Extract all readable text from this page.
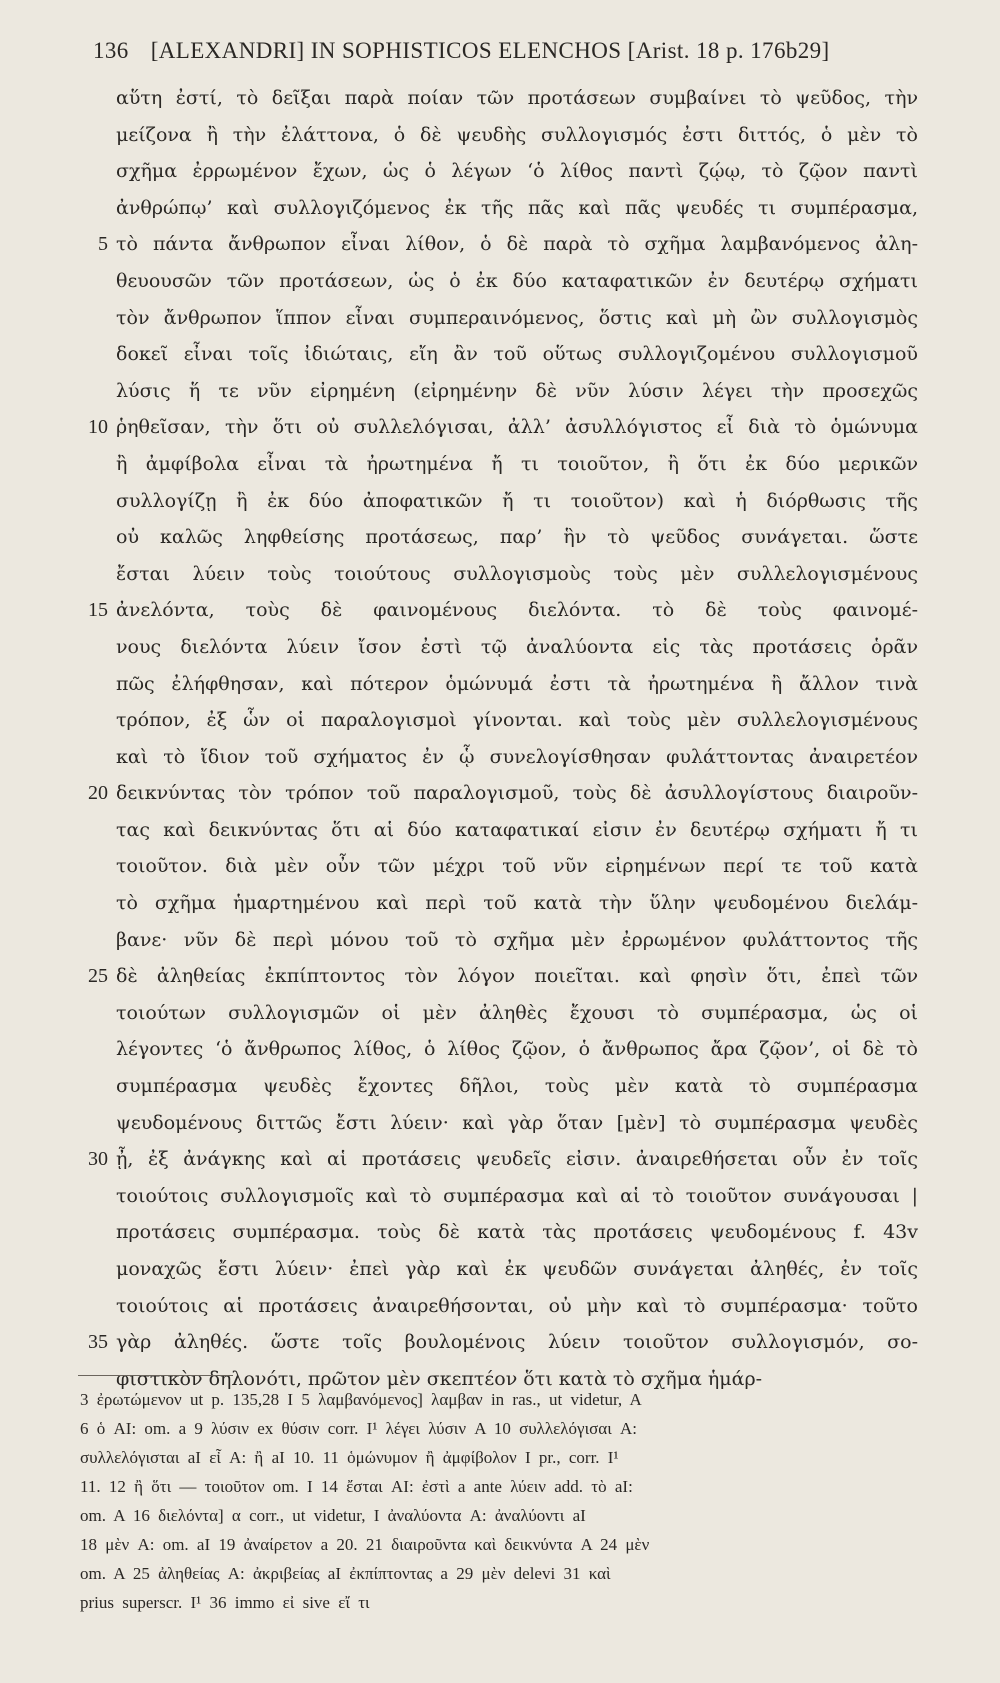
136 [ALEXANDRI] IN SOPHISTICOS ELENCHOS [Arist. 18 p. 176b29]
αὕτη ἐστί, τὸ δεῖξαι παρὰ ποίαν τῶν προτάσεων συμβαίνει τὸ ψεῦδος, τὴν
μείζονα ἢ τὴν ἐλάττονα, ὁ δὲ ψευδὴς συλλογισμός ἐστι διττός, ὁ μὲν τὸ
σχῆμα ἐρρωμένον ἔχων, ὡς ὁ λέγων ‘ὁ λίθος παντὶ ζῴῳ, τὸ ζῷον παντὶ
ἀνθρώπῳ’ καὶ συλλογιζόμενος ἐκ τῆς πᾶς καὶ πᾶς ψευδές τι συμπέρασμα,
5 τὸ πάντα ἄνθρωπον εἶναι λίθον, ὁ δὲ παρὰ τὸ σχῆμα λαμβανόμενος ἀλη-
θευουσῶν τῶν προτάσεων, ὡς ὁ ἐκ δύο καταφατικῶν ἐν δευτέρῳ σχήματι
τὸν ἄνθρωπον ἵππον εἶναι συμπεραινόμενος, ὅστις καὶ μὴ ὢν συλλογισμὸς
δοκεῖ εἶναι τοῖς ἰδιώταις, εἴη ἂν τοῦ οὕτως συλλογιζομένου συλλογισμοῦ
λύσις ἥ τε νῦν εἰρημένη (εἰρημένην δὲ νῦν λύσιν λέγει τὴν προσεχῶς
10 ῥηθεῖσαν, τὴν ὅτι οὐ συλλελόγισαι, ἀλλ’ ἀσυλλόγιστος εἶ διὰ τὸ ὁμώνυμα
ἢ ἀμφίβολα εἶναι τὰ ἠρωτημένα ἤ τι τοιοῦτον, ἢ ὅτι ἐκ δύο μερικῶν
συλλογίζῃ ἢ ἐκ δύο ἀποφατικῶν ἤ τι τοιοῦτον) καὶ ἡ διόρθωσις τῆς
οὐ καλῶς ληφθείσης προτάσεως, παρ’ ἣν τὸ ψεῦδος συνάγεται. ὥστε
ἔσται λύειν τοὺς τοιούτους συλλογισμοὺς τοὺς μὲν συλλελογισμένους
15 ἀνελόντα, τοὺς δὲ φαινομένους διελόντα. τὸ δὲ τοὺς φαινομέ-
νους διελόντα λύειν ἴσον ἐστὶ τῷ ἀναλύοντα εἰς τὰς προτάσεις ὁρᾶν
πῶς ἐλήφθησαν, καὶ πότερον ὁμώνυμά ἐστι τὰ ἠρωτημένα ἢ ἄλλον τινὰ
τρόπον, ἐξ ὧν οἱ παραλογισμοὶ γίνονται. καὶ τοὺς μὲν συλλελογισμένους
καὶ τὸ ἴδιον τοῦ σχήματος ἐν ᾧ συνελογίσθησαν φυλάττοντας ἀναιρετέον
20 δεικνύντας τὸν τρόπον τοῦ παραλογισμοῦ, τοὺς δὲ ἀσυλλογίστους διαιροῦν-
τας καὶ δεικνύντας ὅτι αἱ δύο καταφατικαί εἰσιν ἐν δευτέρῳ σχήματι ἤ τι
τοιοῦτον. διὰ μὲν οὖν τῶν μέχρι τοῦ νῦν εἰρημένων περί τε τοῦ κατὰ
τὸ σχῆμα ἡμαρτημένου καὶ περὶ τοῦ κατὰ τὴν ὕλην ψευδομένου διελάμ-
βανε· νῦν δὲ περὶ μόνου τοῦ τὸ σχῆμα μὲν ἐρρωμένον φυλάττοντος τῆς
25 δὲ ἀληθείας ἐκπίπτοντος τὸν λόγον ποιεῖται. καὶ φησὶν ὅτι, ἐπεὶ τῶν
τοιούτων συλλογισμῶν οἱ μὲν ἀληθὲς ἔχουσι τὸ συμπέρασμα, ὡς οἱ
λέγοντες ‘ὁ ἄνθρωπος λίθος, ὁ λίθος ζῷον, ὁ ἄνθρωπος ἄρα ζῷον’, οἱ δὲ τὸ
συμπέρασμα ψευδὲς ἔχοντες δῆλοι, τοὺς μὲν κατὰ τὸ συμπέρασμα
ψευδομένους διττῶς ἔστι λύειν· καὶ γὰρ ὅταν [μὲν] τὸ συμπέρασμα ψευδὲς
30 ᾖ, ἐξ ἀνάγκης καὶ αἱ προτάσεις ψευδεῖς εἰσιν. ἀναιρεθήσεται οὖν ἐν τοῖς
τοιούτοις συλλογισμοῖς καὶ τὸ συμπέρασμα καὶ αἱ τὸ τοιοῦτον συνάγουσαι |
προτάσεις συμπέρασμα. τοὺς δὲ κατὰ τὰς προτάσεις ψευδομένους f. 43v
μοναχῶς ἔστι λύειν· ἐπεὶ γὰρ καὶ ἐκ ψευδῶν συνάγεται ἀληθές, ἐν τοῖς
τοιούτοις αἱ προτάσεις ἀναιρεθήσονται, οὐ μὴν καὶ τὸ συμπέρασμα· τοῦτο
35 γὰρ ἀληθές. ὥστε τοῖς βουλομένοις λύειν τοιοῦτον συλλογισμόν, σο-
φιστικὸν δηλονότι, πρῶτον μὲν σκεπτέον ὅτι κατὰ τὸ σχῆμα ἡμάρ-
3 ἐρωτώμενον ut p. 135,28 I 5 λαμβανόμενος] λαμβαν in ras., ut videtur, A
6 ὁ AI: om. a 9 λύσιν ex θύσιν corr. I¹ λέγει λύσιν A 10 συλλελόγισαι A:
συλλελόγισται aI εἶ A: ἢ aI 10. 11 ὁμώνυμον ἢ ἀμφίβολον I pr., corr. I¹
11. 12 ἢ ὅτι — τοιοῦτον om. I 14 ἔσται AI: ἐστὶ a ante λύειν add. τὸ aI:
om. A 16 διελόντα] α corr., ut videtur, I ἀναλύοντα A: ἀναλύοντι aI
18 μὲν A: om. aI 19 ἀναίρετον a 20. 21 διαιροῦντα καὶ δεικνύντα A 24 μὲν
om. A 25 ἀληθείας A: ἀκριβείας aI ἐκπίπτοντας a 29 μὲν delevi 31 καὶ
prius superscr. I¹ 36 immo εἰ sive εἴ τι
